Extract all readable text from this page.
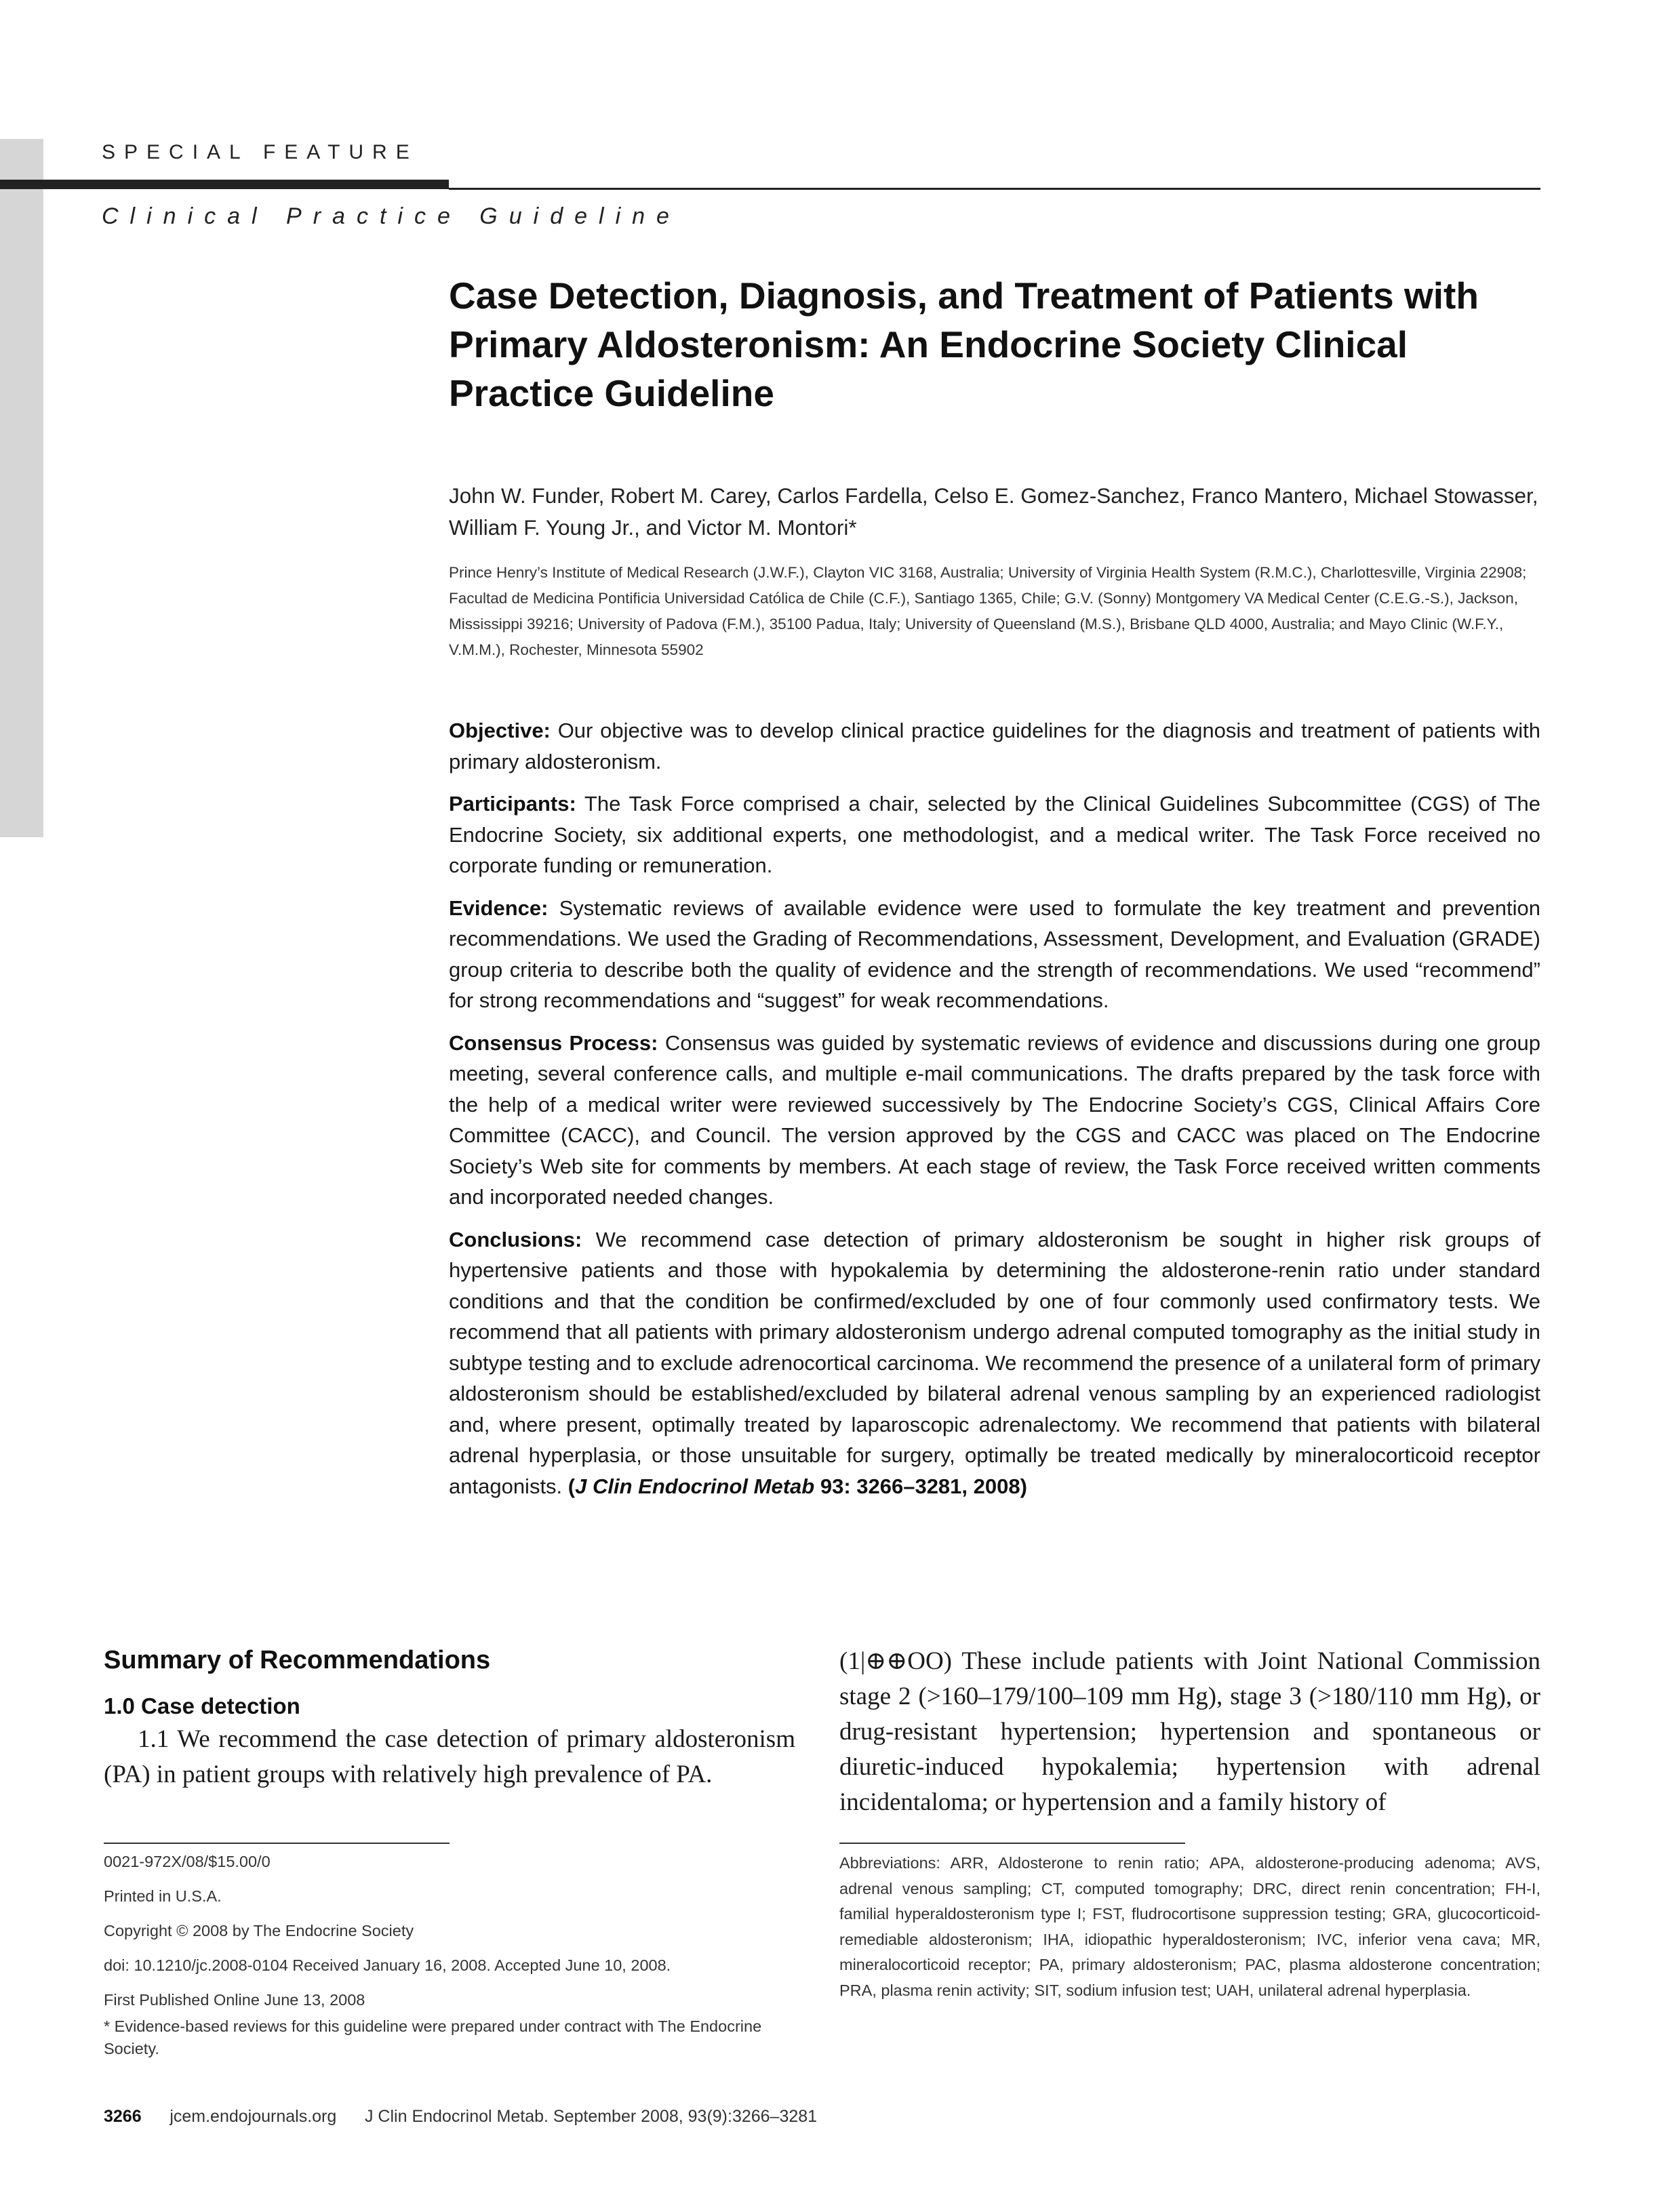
SPECIAL FEATURE
Clinical Practice Guideline
Case Detection, Diagnosis, and Treatment of Patients with Primary Aldosteronism: An Endocrine Society Clinical Practice Guideline
John W. Funder, Robert M. Carey, Carlos Fardella, Celso E. Gomez-Sanchez, Franco Mantero, Michael Stowasser, William F. Young Jr., and Victor M. Montori*
Prince Henry’s Institute of Medical Research (J.W.F.), Clayton VIC 3168, Australia; University of Virginia Health System (R.M.C.), Charlottesville, Virginia 22908; Facultad de Medicina Pontificia Universidad Católica de Chile (C.F.), Santiago 1365, Chile; G.V. (Sonny) Montgomery VA Medical Center (C.E.G.-S.), Jackson, Mississippi 39216; University of Padova (F.M.), 35100 Padua, Italy; University of Queensland (M.S.), Brisbane QLD 4000, Australia; and Mayo Clinic (W.F.Y., V.M.M.), Rochester, Minnesota 55902

Objective: Our objective was to develop clinical practice guidelines for the diagnosis and treatment of patients with primary aldosteronism.

Participants: The Task Force comprised a chair, selected by the Clinical Guidelines Subcommittee (CGS) of The Endocrine Society, six additional experts, one methodologist, and a medical writer. The Task Force received no corporate funding or remuneration.

Evidence: Systematic reviews of available evidence were used to formulate the key treatment and prevention recommendations. We used the Grading of Recommendations, Assessment, Development, and Evaluation (GRADE) group criteria to describe both the quality of evidence and the strength of recommendations. We used “recommend” for strong recommendations and “suggest” for weak recommendations.

Consensus Process: Consensus was guided by systematic reviews of evidence and discussions during one group meeting, several conference calls, and multiple e-mail communications. The drafts prepared by the task force with the help of a medical writer were reviewed successively by The Endocrine Society’s CGS, Clinical Affairs Core Committee (CACC), and Council. The version approved by the CGS and CACC was placed on The Endocrine Society’s Web site for comments by members. At each stage of review, the Task Force received written comments and incorporated needed changes.

Conclusions: We recommend case detection of primary aldosteronism be sought in higher risk groups of hypertensive patients and those with hypokalemia by determining the aldosterone-renin ratio under standard conditions and that the condition be confirmed/excluded by one of four commonly used confirmatory tests. We recommend that all patients with primary aldosteronism undergo adrenal computed tomography as the initial study in subtype testing and to exclude adrenocortical carcinoma. We recommend the presence of a unilateral form of primary aldosteronism should be established/excluded by bilateral adrenal venous sampling by an experienced radiologist and, where present, optimally treated by laparoscopic adrenalectomy. We recommend that patients with bilateral adrenal hyperplasia, or those unsuitable for surgery, optimally be treated medically by mineralocorticoid receptor antagonists. (J Clin Endocrinol Metab 93: 3266–3281, 2008)

Summary of Recommendations
1.0 Case detection
1.1 We recommend the case detection of primary aldosteronism (PA) in patient groups with relatively high prevalence of PA.
(1|⊕⊕OO) These include patients with Joint National Commission stage 2 (>160–179/100–109 mm Hg), stage 3 (>180/110 mm Hg), or drug-resistant hypertension; hypertension and spontaneous or diuretic-induced hypokalemia; hypertension with adrenal incidentaloma; or hypertension and a family history of
0021-972X/08/$15.00/0
Printed in U.S.A.
Copyright © 2008 by The Endocrine Society
doi: 10.1210/jc.2008-0104 Received January 16, 2008. Accepted June 10, 2008.
First Published Online June 13, 2008
* Evidence-based reviews for this guideline were prepared under contract with The Endocrine Society.
Abbreviations: ARR, Aldosterone to renin ratio; APA, aldosterone-producing adenoma; AVS, adrenal venous sampling; CT, computed tomography; DRC, direct renin concentration; FH-I, familial hyperaldosteronism type I; FST, fludrocortisone suppression testing; GRA, glucocorticoid-remediable aldosteronism; IHA, idiopathic hyperaldosteronism; IVC, inferior vena cava; MR, mineralocorticoid receptor; PA, primary aldosteronism; PAC, plasma aldosterone concentration; PRA, plasma renin activity; SIT, sodium infusion test; UAH, unilateral adrenal hyperplasia.
3266 jcem.endojournals.org J Clin Endocrinol Metab. September 2008, 93(9):3266–3281
